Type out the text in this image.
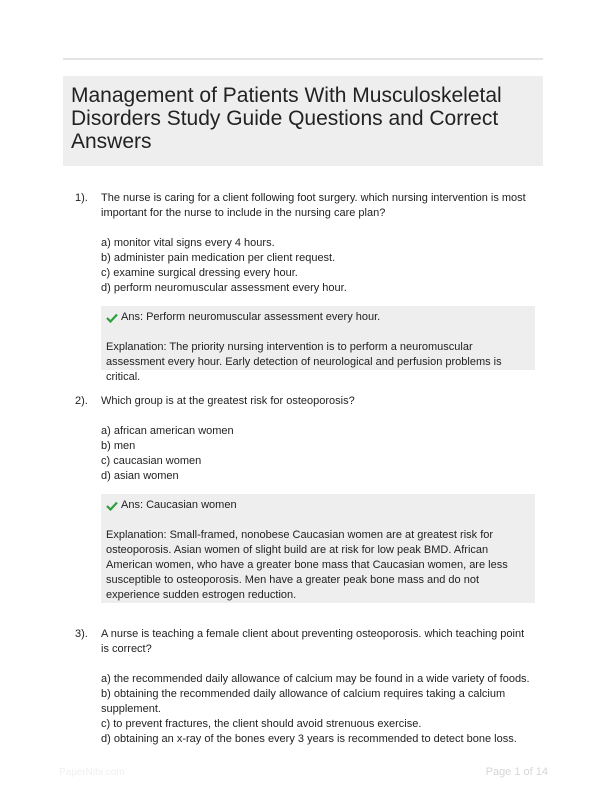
Management of Patients With Musculoskeletal Disorders Study Guide Questions and Correct Answers
1). The nurse is caring for a client following foot surgery. which nursing intervention is most important for the nurse to include in the nursing care plan?
a) monitor vital signs every 4 hours.
b) administer pain medication per client request.
c) examine surgical dressing every hour.
d) perform neuromuscular assessment every hour.
Ans: Perform neuromuscular assessment every hour.
Explanation: The priority nursing intervention is to perform a neuromuscular assessment every hour. Early detection of neurological and perfusion problems is critical.
2). Which group is at the greatest risk for osteoporosis?
a) african american women
b) men
c) caucasian women
d) asian women
Ans: Caucasian women
Explanation: Small-framed, nonobese Caucasian women are at greatest risk for osteoporosis. Asian women of slight build are at risk for low peak BMD. African American women, who have a greater bone mass that Caucasian women, are less susceptible to osteoporosis. Men have a greater peak bone mass and do not experience sudden estrogen reduction.
3). A nurse is teaching a female client about preventing osteoporosis. which teaching point is correct?
a) the recommended daily allowance of calcium may be found in a wide variety of foods.
b) obtaining the recommended daily allowance of calcium requires taking a calcium supplement.
c) to prevent fractures, the client should avoid strenuous exercise.
d) obtaining an x-ray of the bones every 3 years is recommended to detect bone loss.
PaperNibi.com	Page 1 of 14
